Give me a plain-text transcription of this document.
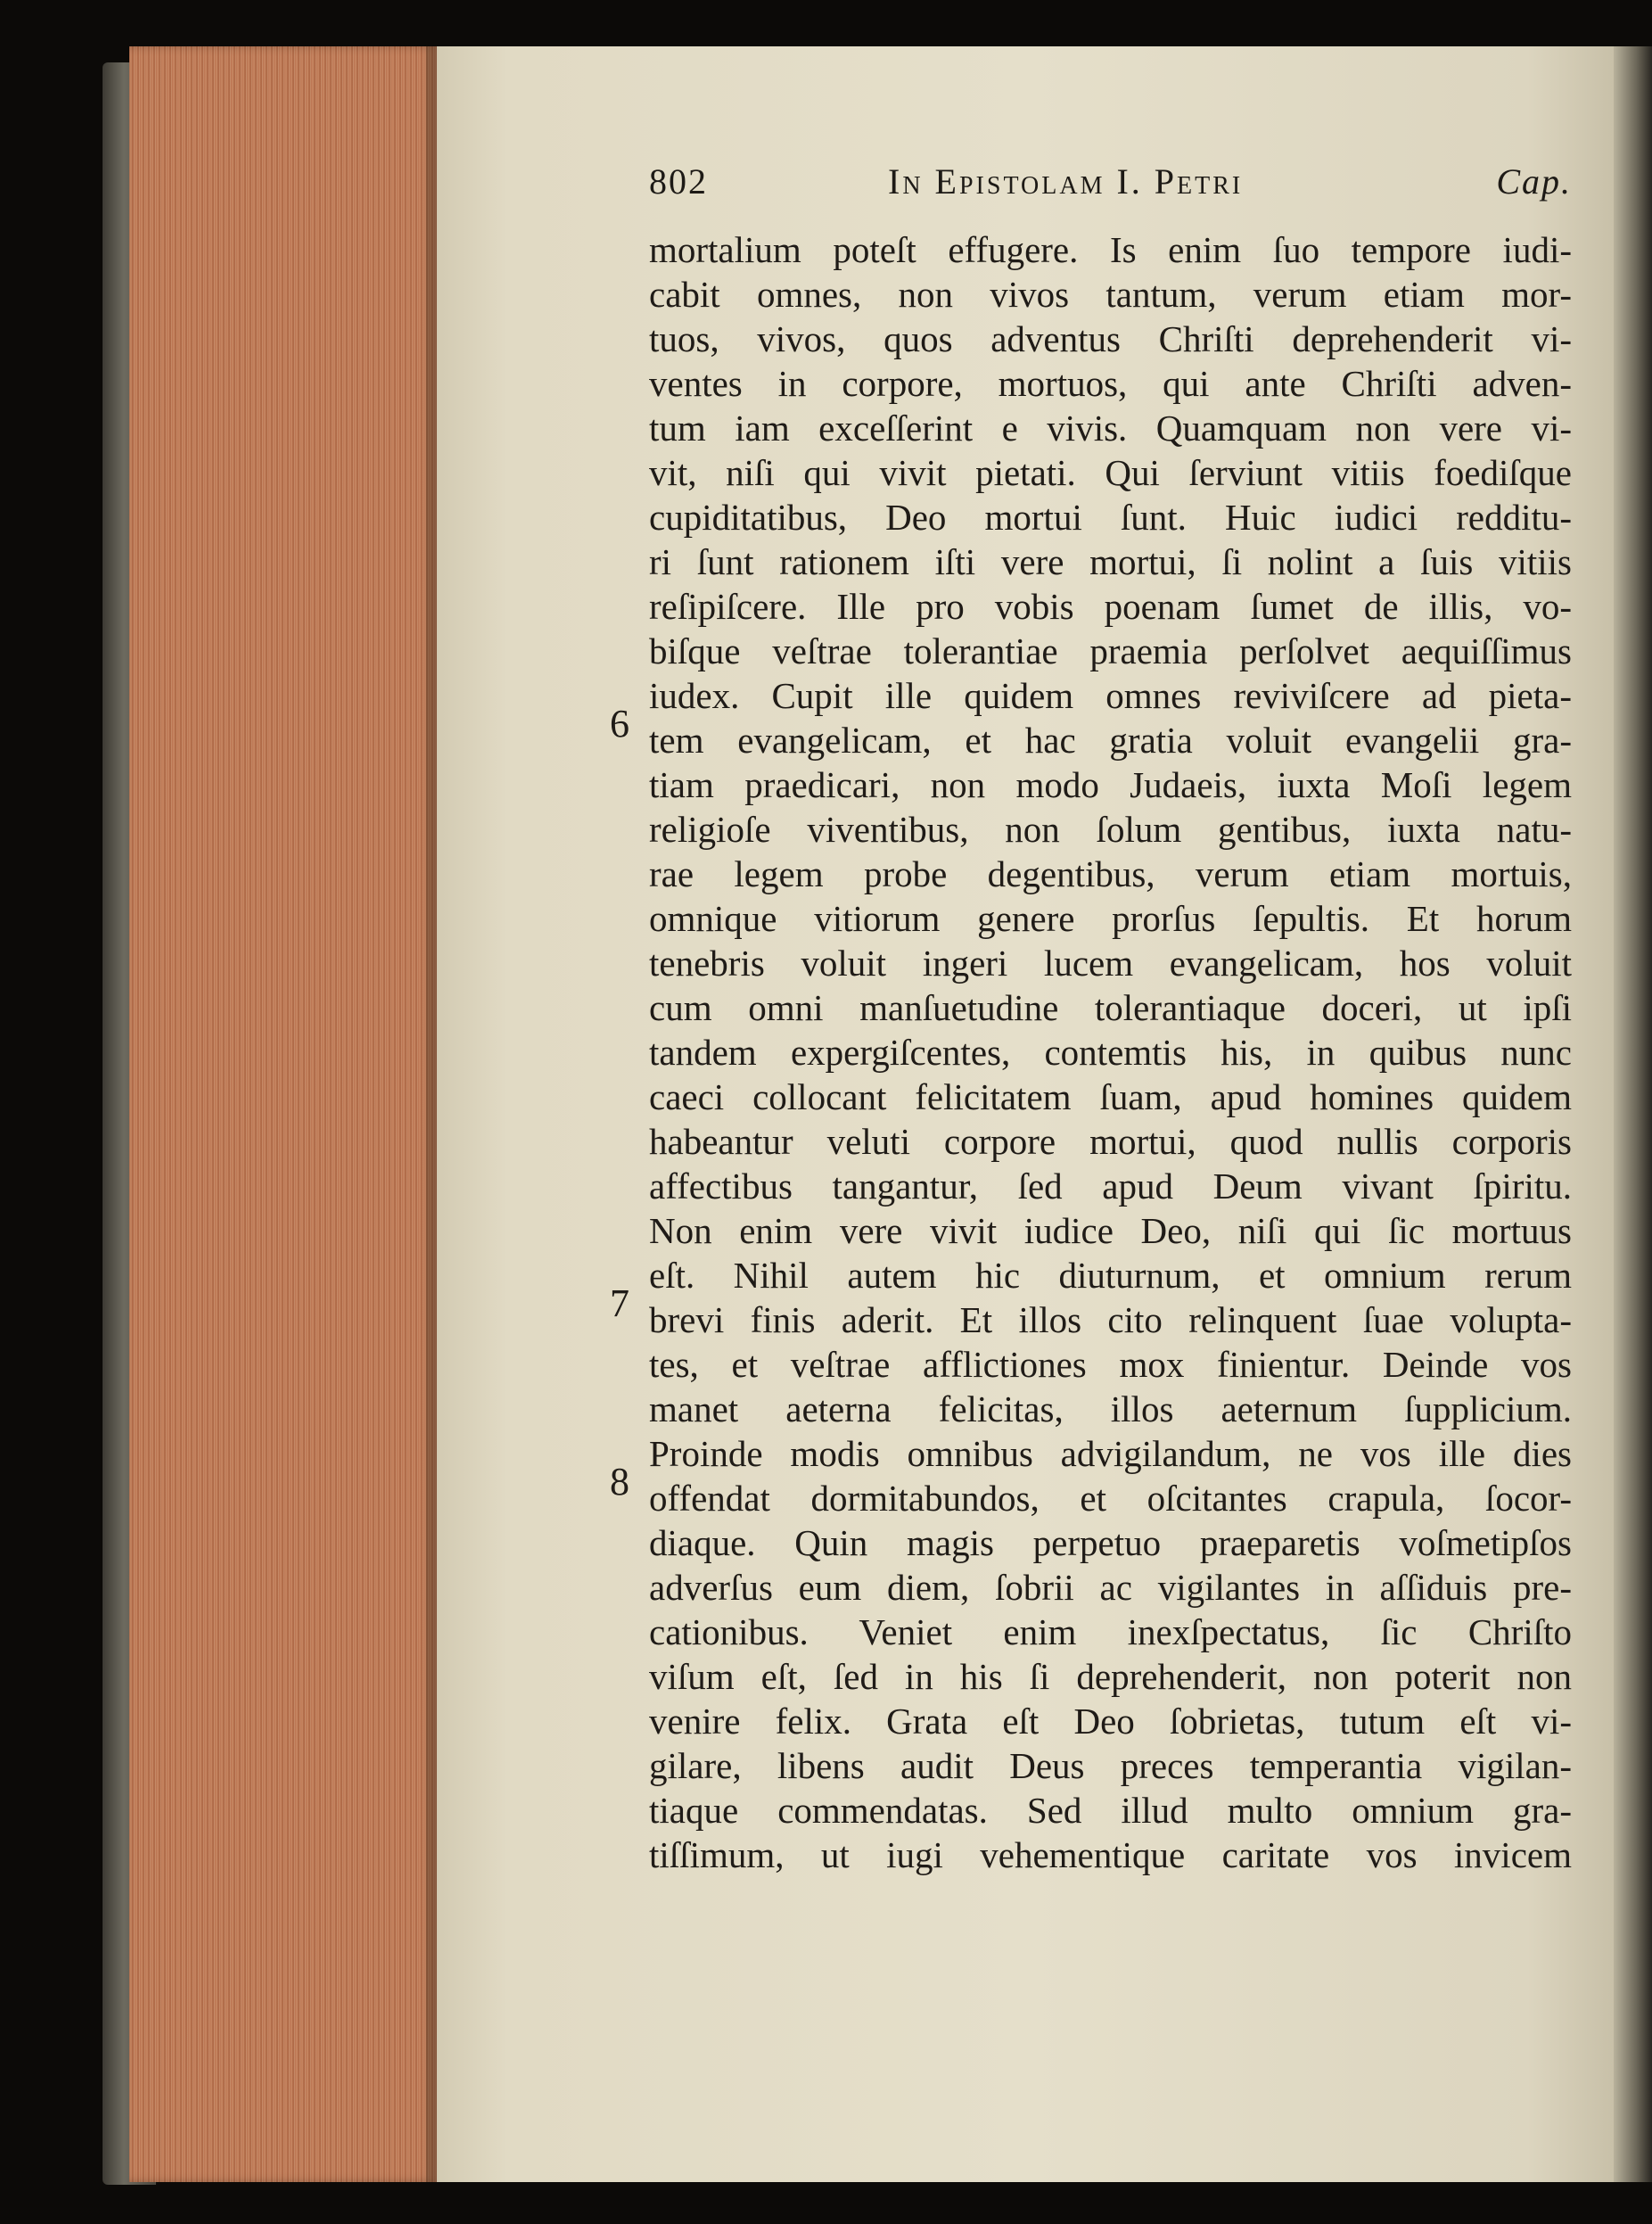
802	In Epistolam I. Petri	Cap.
6
7
8
mortalium poteſt effugere. Is enim ſuo tempore iudi-
cabit omnes, non vivos tantum, verum etiam mor-
tuos, vivos, quos adventus Chriſti deprehenderit vi-
ventes in corpore, mortuos, qui ante Chriſti adven-
tum iam exceſſerint e vivis. Quamquam non vere vi-
vit, niſi qui vivit pietati. Qui ſerviunt vitiis foediſque
cupiditatibus, Deo mortui ſunt. Huic iudici redditu-
ri ſunt rationem iſti vere mortui, ſi nolint a ſuis vitiis
reſipiſcere. Ille pro vobis poenam ſumet de illis, vo-
biſque veſtrae tolerantiae praemia perſolvet aequiſſimus
iudex. Cupit ille quidem omnes reviviſcere ad pieta-
tem evangelicam, et hac gratia voluit evangelii gra-
tiam praedicari, non modo Judaeis, iuxta Moſi legem
religioſe viventibus, non ſolum gentibus, iuxta natu-
rae legem probe degentibus, verum etiam mortuis,
omnique vitiorum genere prorſus ſepultis. Et horum
tenebris voluit ingeri lucem evangelicam, hos voluit
cum omni manſuetudine tolerantiaque doceri, ut ipſi
tandem expergiſcentes, contemtis his, in quibus nunc
caeci collocant felicitatem ſuam, apud homines quidem
habeantur veluti corpore mortui, quod nullis corporis
affectibus tangantur, ſed apud Deum vivant ſpiritu.
Non enim vere vivit iudice Deo, niſi qui ſic mortuus
eſt. Nihil autem hic diuturnum, et omnium rerum
brevi finis aderit. Et illos cito relinquent ſuae volupta-
tes, et veſtrae afflictiones mox finientur. Deinde vos
manet aeterna felicitas, illos aeternum ſupplicium.
Proinde modis omnibus advigilandum, ne vos ille dies
offendat dormitabundos, et oſcitantes crapula, ſocor-
diaque. Quin magis perpetuo praeparetis voſmetipſos
adverſus eum diem, ſobrii ac vigilantes in aſſiduis pre-
cationibus. Veniet enim inexſpectatus, ſic Chriſto
viſum eſt, ſed in his ſi deprehenderit, non poterit non
venire felix. Grata eſt Deo ſobrietas, tutum eſt vi-
gilare, libens audit Deus preces temperantia vigilan-
tiaque commendatas. Sed illud multo omnium gra-
tiſſimum, ut iugi vehementique caritate vos invicem
